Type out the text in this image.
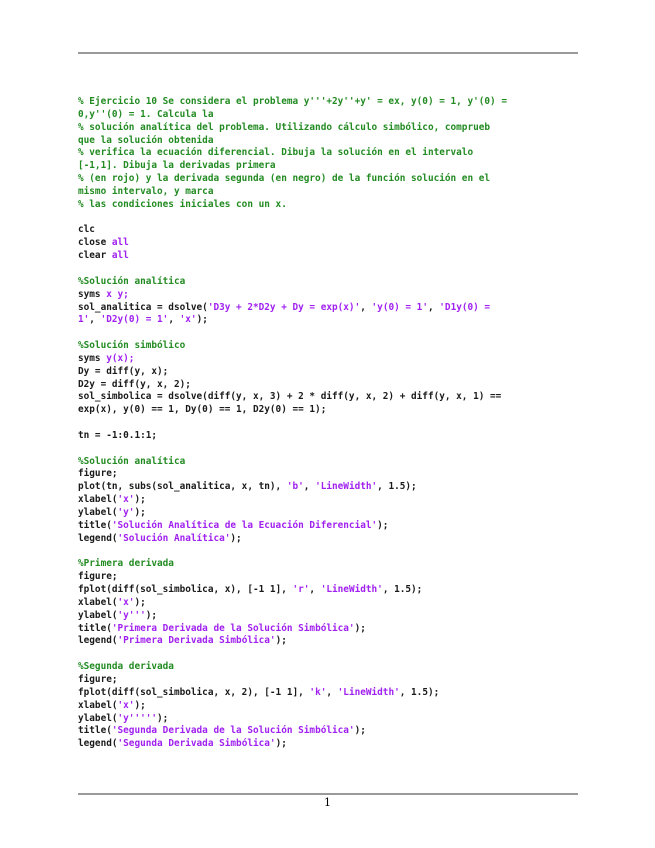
% Ejercicio 10 Se considera el problema y'''+2y''+y' = ex, y(0) = 1, y'(0) =
0,y''(0) = 1. Calcula la
% solución analítica del problema. Utilizando cálculo simbólico, comprueb
que la solución obtenida
% verifica la ecuación diferencial. Dibuja la solución en el intervalo
[-1,1]. Dibuja la derivadas primera
% (en rojo) y la derivada segunda (en negro) de la función solución en el
mismo intervalo, y marca
% las condiciones iniciales con un x.
clc
close all
clear all
%Solución analítica
syms x y;
sol_analitica = dsolve('D3y + 2*D2y + Dy = exp(x)', 'y(0) = 1', 'D1y(0) =
1', 'D2y(0) = 1', 'x');
%Solución simbólico
syms y(x);
Dy = diff(y, x);
D2y = diff(y, x, 2);
sol_simbolica = dsolve(diff(y, x, 3) + 2 * diff(y, x, 2) + diff(y, x, 1) ==
exp(x), y(0) == 1, Dy(0) == 1, D2y(0) == 1);
tn = -1:0.1:1;
%Solución analítica
figure;
plot(tn, subs(sol_analitica, x, tn), 'b', 'LineWidth', 1.5);
xlabel('x');
ylabel('y');
title('Solución Analítica de la Ecuación Diferencial');
legend('Solución Analítica');
%Primera derivada
figure;
fplot(diff(sol_simbolica, x), [-1 1], 'r', 'LineWidth', 1.5);
xlabel('x');
ylabel('y''');
title('Primera Derivada de la Solución Simbólica');
legend('Primera Derivada Simbólica');
%Segunda derivada
figure;
fplot(diff(sol_simbolica, x, 2), [-1 1], 'k', 'LineWidth', 1.5);
xlabel('x');
ylabel('y''''');
title('Segunda Derivada de la Solución Simbólica');
legend('Segunda Derivada Simbólica');
1
